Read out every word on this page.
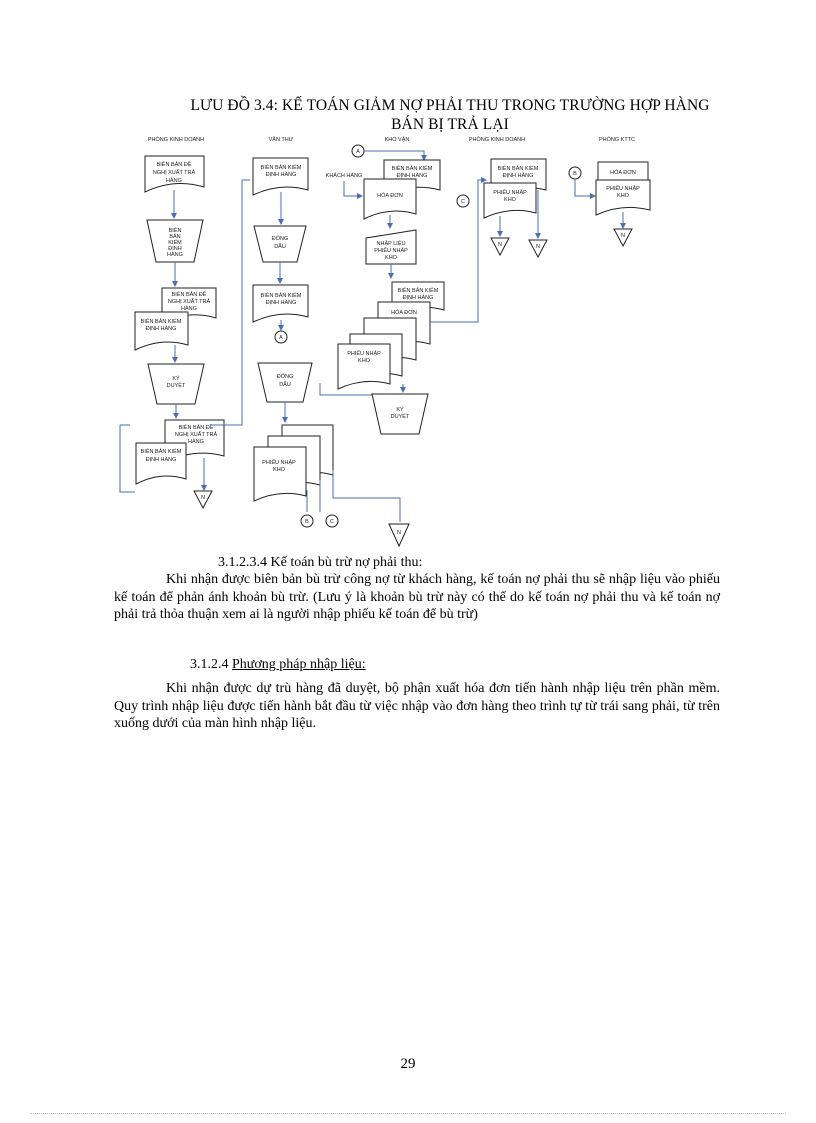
LƯU ĐỒ 3.4: KẾ TOÁN GIẢM NỢ PHẢI THU TRONG TRƯỜNG HỢP HÀNG
BÁN BỊ TRẢ LẠI
PHÒNG KINH DOANH	VĂN THƯ	KHO VẬN	PHÒNG KINH DOANH	PHÒNG KTTC
BIÊN BẢN ĐỀ
NGHỊ XUẤT TRẢ
HÀNG
BIÊN
BẢN
KIỂM
ĐỊNH
HÀNG
BIÊN BẢN ĐỀ
NGHỊ XUẤT TRẢ
HÀNG
BIÊN BẢN KIỂM
ĐỊNH HÀNG
KÝ
DUYỆT
BIÊN BẢN ĐỀ
NGHỊ XUẤT TRẢ
HÀNG
BIÊN BẢN KIỂM
ĐỊNH HÀNG
N
BIÊN BẢN KIỂM
ĐỊNH HÀNG
ĐÓNG
DẤU
BIÊN BẢN KIỂM
ĐỊNH HÀNG
A
ĐÓNG
DẤU
PHIẾU NHẬP
KHO
B	C
N
A
KHÁCH HÀNG
BIÊN BẢN KIỂM
ĐỊNH HÀNG
HÓA ĐƠN
NHẬP LIỆU
PHIẾU NHẬP
KHO
BIÊN BẢN KIỂM
ĐỊNH HÀNG
HÓA ĐƠN
PHIẾU NHẬP
KHO
KÝ
DUYỆT
C
BIÊN BẢN KIỂM
ĐỊNH HÀNG
PHIẾU NHẬP
KHO
N	N
B	HÓA ĐƠN
PHIẾU NHẬP
KHO
N
3.1.2.3.4 Kế toán bù trừ nợ phải thu:
Khi nhận được biên bản bù trừ công nợ từ khách hàng, kế toán nợ phải thu sẽ nhập liệu vào phiếu kế toán để phản ánh khoản bù trừ. (Lưu ý là khoản bù trừ này có thể do kế toán nợ phải thu và kế toán nợ phải trả thỏa thuận xem ai là người nhập phiếu kế toán để bù trừ)
3.1.2.4 Phương pháp nhập liệu:
Khi nhận được dự trù hàng đã duyệt, bộ phận xuất hóa đơn tiến hành nhập liệu trên phần mềm. Quy trình nhập liệu được tiến hành bắt đầu từ việc nhập vào đơn hàng theo trình tự từ trái sang phải, từ trên xuống dưới của màn hình nhập liệu.
29
